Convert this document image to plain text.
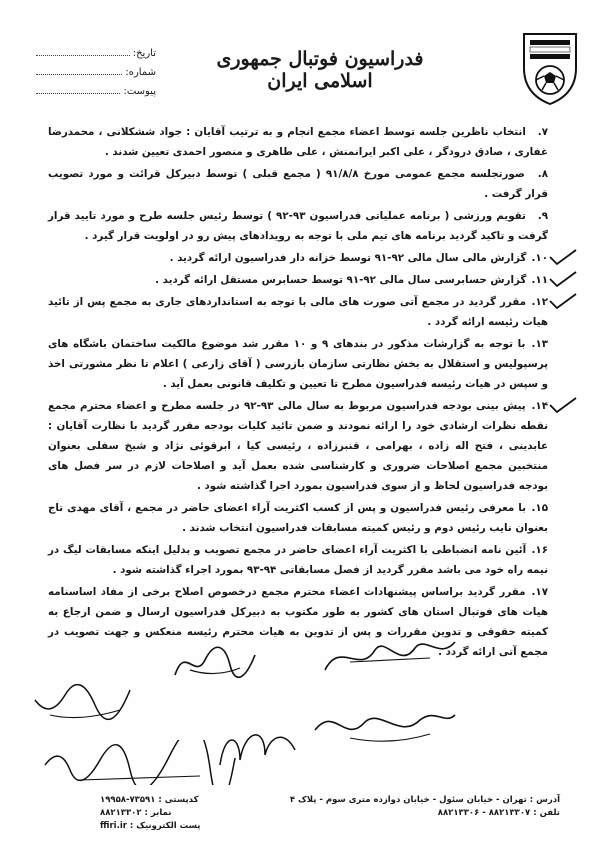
فدراسیون فوتبال جمهوری اسلامی ایران
تاریخ:
شماره:
پیوست:
۷. انتخاب ناظرین جلسه توسط اعضاء مجمع انجام و به ترتیب آقایان : جواد ششکلانی ، محمدرضا غفاری ، صادق درودگر ، علی اکبر ایرانمنش ، علی طاهری و منصور احمدی تعیین شدند .
۸. صورتجلسه مجمع عمومی مورخ ۹۱/۸/۸ ( مجمع قبلی ) توسط دبیرکل قرائت و مورد تصویب قرار گرفت .
۹. تقویم ورزشی ( برنامه عملیاتی فدراسیون ۹۳-۹۲ ) توسط رئیس جلسه طرح و مورد تایید قرار گرفت و تاکید گردید برنامه های تیم ملی با توجه به رویدادهای پیش رو در اولویت قرار گیرد .
۱۰. گزارش مالی سال مالی ۹۲-۹۱ توسط خزانه دار فدراسیون ارائه گردید .
۱۱. گزارش حسابرسی سال مالی ۹۲-۹۱ توسط حسابرس مستقل ارائه گردید .
۱۲. مقرر گردید در مجمع آتی صورت های مالی با توجه به استانداردهای جاری به مجمع پس از تائید هیات رئیسه ارائه گردد .
۱۳. با توجه به گزارشات مذکور در بندهای ۹ و ۱۰ مقرر شد موضوع مالکیت ساختمان باشگاه های پرسپولیس و استقلال به بخش نظارتی سازمان بازرسی ( آقای زارعی ) اعلام تا نظر مشورتی اخذ و سپس در هیات رئیسه فدراسیون مطرح تا تعیین و تکلیف قانونی بعمل آید .
۱۴. پیش بینی بودجه فدراسیون مربوط به سال مالی ۹۳-۹۲ در جلسه مطرح و اعضاء محترم مجمع نقطه نظرات ارشادی خود را ارائه نمودند و ضمن تائید کلیات بودجه مقرر گردید با نظارت آقایان : عابدینی ، فتح اله زاده ، بهرامی ، قنبرزاده ، رئیسی کیا ، ابرقوئی نژاد و شیخ سفلی بعنوان منتخبین مجمع اصلاحات ضروری و کارشناسی شده بعمل آید و اصلاحات لازم در سر فصل های بودجه فدراسیون لحاظ و از سوی فدراسیون بمورد اجرا گذاشته شود .
۱۵. با معرفی رئیس فدراسیون و پس از کسب اکثریت آراء اعضای حاضر در مجمع ، آقای مهدی تاج بعنوان نایب رئیس دوم و رئیس کمیته مسابقات فدراسیون انتخاب شدند .
۱۶. آئین نامه انضباطی با اکثریت آراء اعضای حاضر در مجمع تصویب و بدلیل اینکه مسابقات لیگ در نیمه راه خود می باشد مقرر گردید از فصل مسابقاتی ۹۴-۹۳ بمورد اجراء گذاشته شود .
۱۷. مقرر گردید براساس پیشنهادات اعضاء محترم مجمع درخصوص اصلاح برخی از مفاد اساسنامه هیات های فوتبال استان های کشور به طور مکتوب به دبیرکل فدراسیون ارسال و ضمن ارجاع به کمیته حقوقی و تدوین مقررات و پس از تدوین به هیات محترم رئیسه منعکس و جهت تصویب در مجمع آتی ارائه گردد .
آدرس : تهران - خیابان سئول - خیابان دوازده متری سوم - پلاک ۴
کدپستی : ۷۳۵۹۱-۱۹۹۵۸
تلفن : ۸۸۲۱۳۳۰۷ - ۸۸۲۱۳۳۰۶
نمابر : ۸۸۲۱۳۳۰۲
پست الکترونیک : ffiri.ir
